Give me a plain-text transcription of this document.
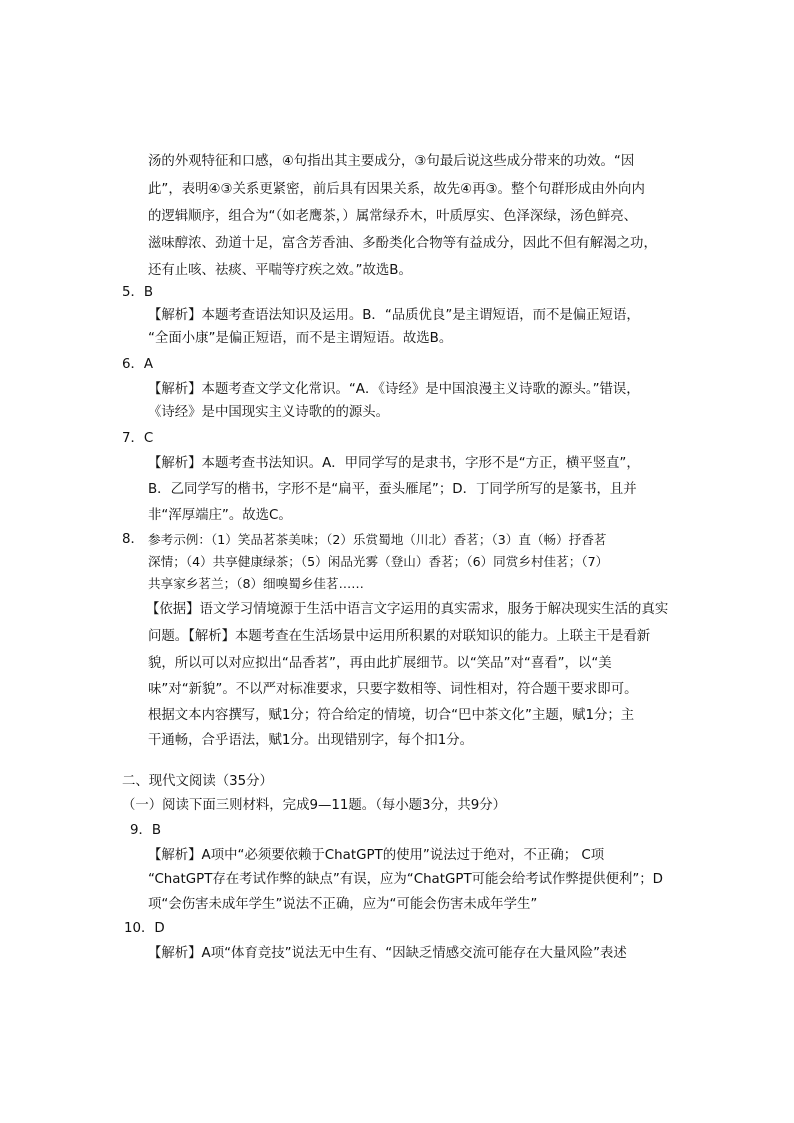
汤的外观特征和口感，④句指出其主要成分，③句最后说这些成分带来的功效。“因
此”，表明④③关系更紧密，前后具有因果关系，故先④再③。整个句群形成由外向内
的逻辑顺序，组合为“（如老鹰茶，）属常绿乔木，叶质厚实、色泽深绿，汤色鲜亮、
滋味醇浓、劲道十足，富含芳香油、多酚类化合物等有益成分，因此不但有解渴之功，
还有止咳、祛痰、平喘等疗疾之效。”故选B。
5．B
【解析】本题考查语法知识及运用。B．“品质优良”是主谓短语，而不是偏正短语，
“全面小康”是偏正短语，而不是主谓短语。故选B。
6．A
【解析】本题考查文学文化常识。“A．《诗经》是中国浪漫主义诗歌的源头。”错误，
《诗经》是中国现实主义诗歌的的源头。
7．C
【解析】本题考查书法知识。A．甲同学写的是隶书，字形不是“方正，横平竖直”，
B．乙同学写的楷书，字形不是“扁平，蚕头雁尾”；D．丁同学所写的是篆书，且并
非“浑厚端庄”。故选C。
8． 参考示例：（1）笑品茗茶美味；（2）乐赏蜀地（川北）香茗；（3）直（畅）抒香茗
深情；（4）共享健康绿茶；（5）闲品光雾（登山）香茗；（6）同赏乡村佳茗；（7）
共享家乡茗兰；（8）细嗅蜀乡佳茗……
【依据】语文学习情境源于生活中语言文字运用的真实需求，服务于解决现实生活的真实
问题。【解析】本题考查在生活场景中运用所积累的对联知识的能力。上联主干是看新
貌，所以可以对应拟出“品香茗”，再由此扩展细节。以“笑品”对“喜看”，以“美
味”对“新貌”。不以严对标准要求，只要字数相等、词性相对，符合题干要求即可。
根据文本内容撰写，赋1分；符合给定的情境，切合“巴中茶文化”主题，赋1分；主
干通畅，合乎语法，赋1分。出现错别字，每个扣1分。
二、现代文阅读（35分）
（一）阅读下面三则材料，完成9—11题。（每小题3分，共9分）
9．B
【解析】A项中“必须要依赖于ChatGPT的使用”说法过于绝对，不正确； C项
“ChatGPT存在考试作弊的缺点”有误，应为“ChatGPT可能会给考试作弊提供便利”；D
项“会伤害未成年学生”说法不正确，应为“可能会伤害未成年学生”
10．D
【解析】A项“体育竞技”说法无中生有、“因缺乏情感交流可能存在大量风险”表述
